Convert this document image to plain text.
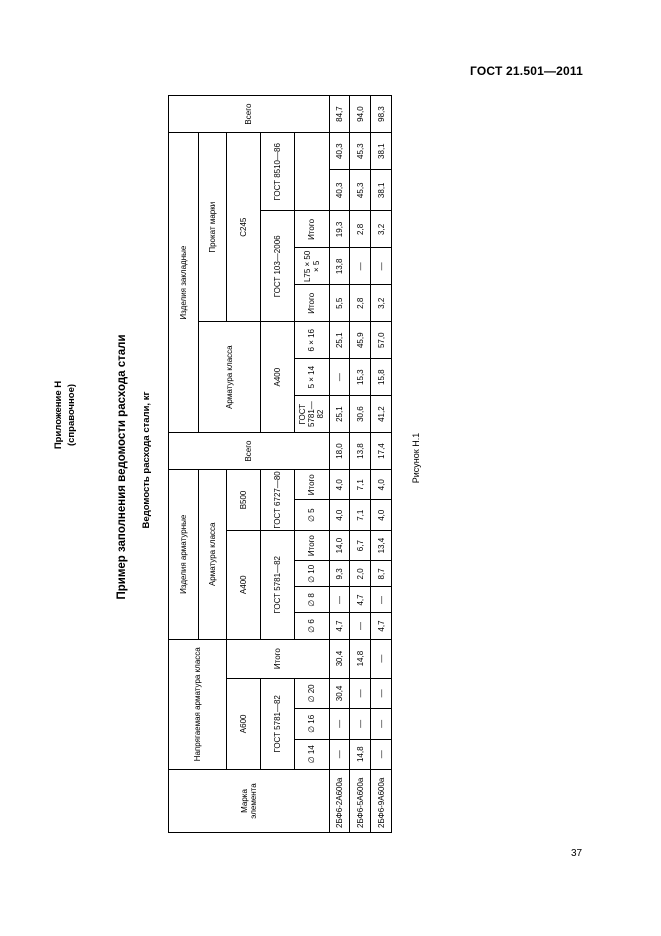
ГОСТ 21.501—2011
Приложение Н (справочное)	Пример заполнения ведомости расхода стали Ведомость расхода стали, кг	Рисунок Н.1
Марка элемента	Напрягаемая арматура класса				Изделия арматурные						Всего	Изделия закладные								Всего
					Арматура класса							Арматура класса			Прокат марки					
	А600			Итого	А400				В500						С245					
	ГОСТ 5781—82				ГОСТ 5781—82				ГОСТ 6727—80			А400			ГОСТ 103—2006			ГОСТ 8510—86		
	∅ 14	∅ 16	∅ 20		∅ 6	∅ 8	∅ 10	Итого	∅ 5	Итого		ГОСТ 5781—82	5 × 14	6 × 16	Итого	L75 × 50 × 5	Итого			
2БФ6-2А600а	—	—	30,4	30,4	4,7	—	9,3	14,0	4,0	4,0	18,0	25,1	—	25,1	5,5	13,8	19,3	40,3	40,3	84,7
2БФ6-5А600а	14,8	—	—	14,8	—	4,7	2,0	6,7	7,1	7,1	13,8	30,6	15,3	45,9	2,8	—	2,8	45,3	45,3	94,0
2БФ6-9А600а	—	—	—	—	4,7	—	8,7	13,4	4,0	4,0	17,4	41,2	15,8	57,0	3,2	—	3,2	38,1	38,1	98,3
37
